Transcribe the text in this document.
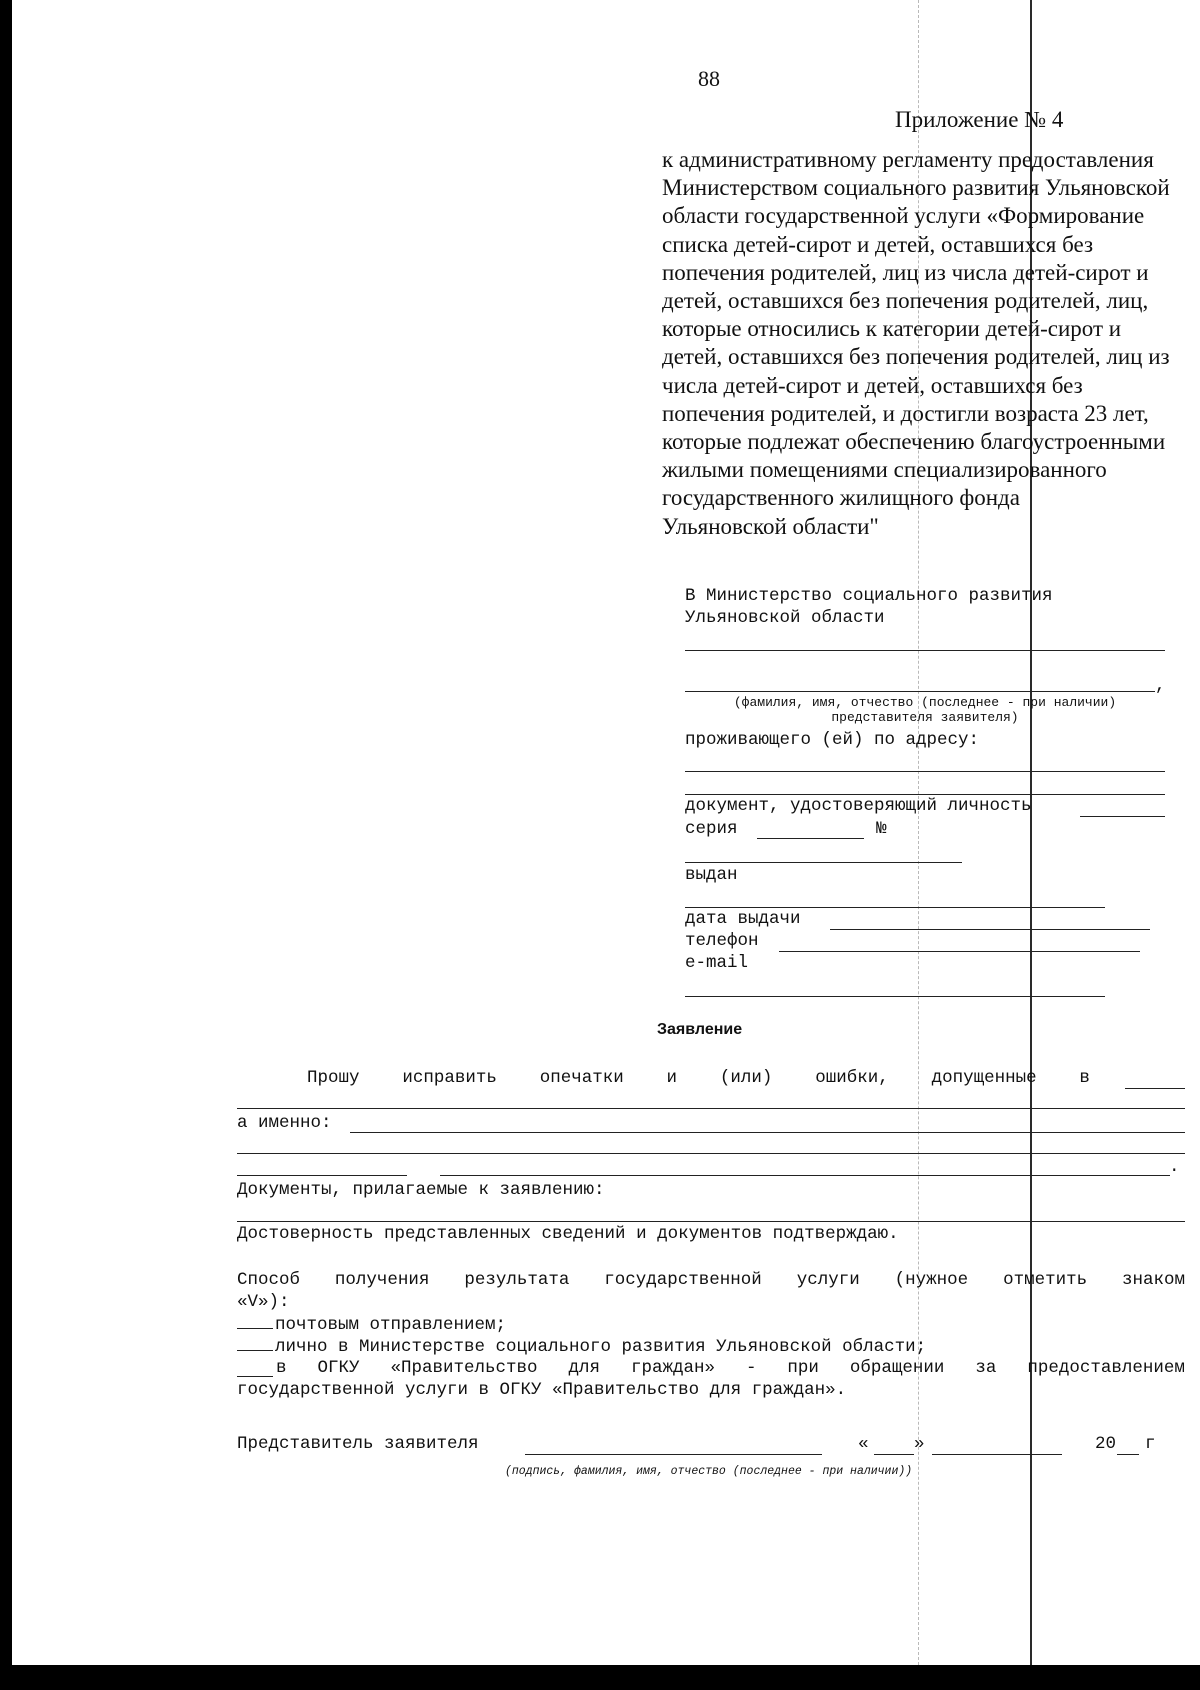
88
Приложение № 4
к административному регламенту предоставления
Министерством социального развития Ульяновской
области государственной услуги «Формирование
списка детей-сирот и детей, оставшихся без
попечения родителей, лиц из числа детей-сирот и
детей, оставшихся без попечения родителей, лиц,
которые относились к категории детей-сирот и
детей, оставшихся без попечения родителей, лиц из
числа детей-сирот и детей, оставшихся без
попечения родителей, и достигли возраста 23 лет,
которые подлежат обеспечению благоустроенными
жилыми помещениями специализированного
государственного жилищного фонда
Ульяновской области"
В Министерство социального развития
Ульяновской области
,
(фамилия, имя, отчество (последнее - при наличии)
представителя заявителя)
проживающего (ей) по адресу:
документ, удостоверяющий личность
серия	№
выдан
дата выдачи
телефон
e-mail
Заявление
Прошу исправить опечатки и (или) ошибки, допущенные в
а именно:
.
Документы, прилагаемые к заявлению:
Достоверность представленных сведений и документов подтверждаю.
Способ получения результата государственной услуги (нужное отметить знаком
«V»):
почтовым отправлением;
лично в Министерстве социального развития Ульяновской области;
в ОГКУ «Правительство для граждан» - при обращении за предоставлением
государственной услуги в ОГКУ «Правительство для граждан».
Представитель заявителя	«	»	20 г
(подпись, фамилия, имя, отчество (последнее - при наличии))
